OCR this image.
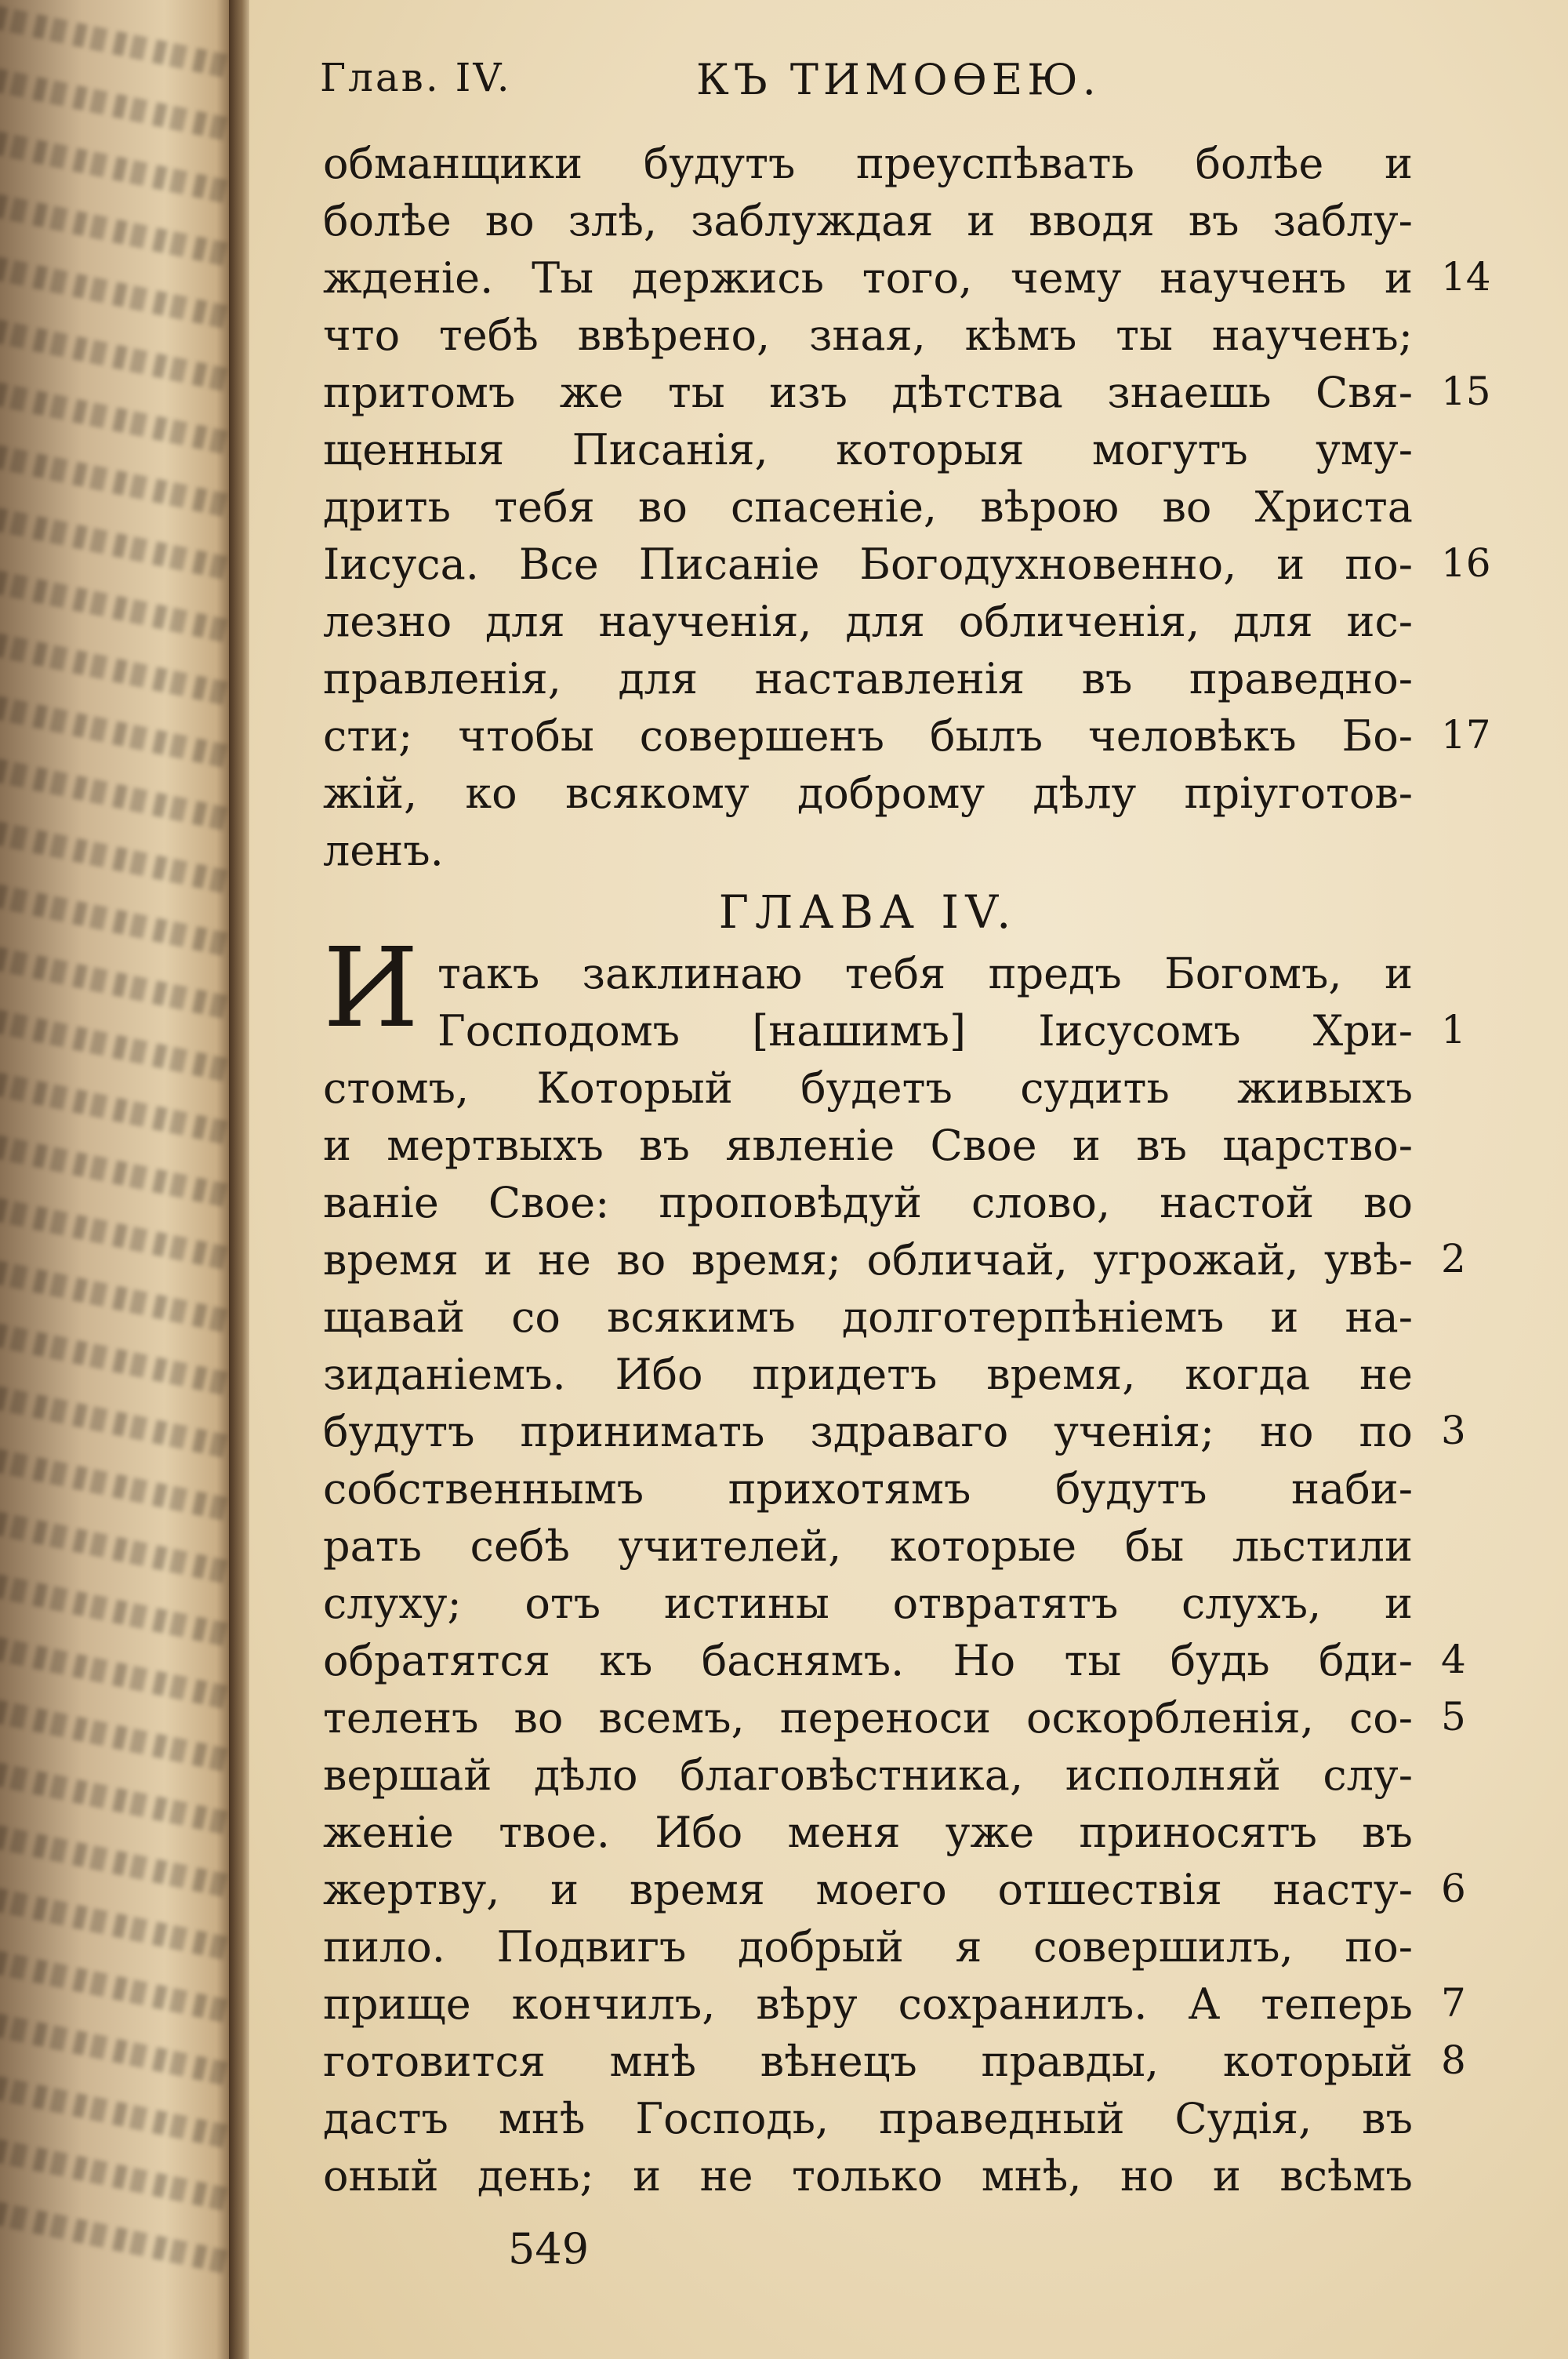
Глав. IV.	КЪ ТИМОѲЕЮ.
обманщики будутъ преуспѣвать болѣе и
болѣе во злѣ, заблуждая и вводя въ заблу-
жденіе. Ты держись того, чему наученъ и
что тебѣ ввѣрено, зная, кѣмъ ты наученъ;
притомъ же ты изъ дѣтства знаешь Свя-
щенныя Писанія, которыя могутъ уму-
дрить тебя во спасеніе, вѣрою во Христа
Іисуса. Все Писаніе Богодухновенно, и по-
лезно для наученія, для обличенія, для ис-
правленія, для наставленія въ праведно-
сти; чтобы совершенъ былъ человѣкъ Бо-
жій, ко всякому доброму дѣлу пріуготов-
ленъ.
ГЛАВА IV.
такъ заклинаю тебя предъ Богомъ, и
Господомъ [нашимъ] Іисусомъ Хри-
стомъ, Который будетъ судить живыхъ
и мертвыхъ въ явленіе Свое и въ царство-
ваніе Свое: проповѣдуй слово, настой во
время и не во время; обличай, угрожай, увѣ-
щавай со всякимъ долготерпѣніемъ и на-
зиданіемъ. Ибо придетъ время, когда не
будутъ принимать здраваго ученія; но по
собственнымъ прихотямъ будутъ наби-
рать себѣ учителей, которые бы льстили
слуху; отъ истины отвратятъ слухъ, и
обратятся къ баснямъ. Но ты будь бди-
теленъ во всемъ, переноси оскорбленія, со-
вершай дѣло благовѣстника, исполняй слу-
женіе твое. Ибо меня уже приносятъ въ
жертву, и время моего отшествія насту-
пило. Подвигъ добрый я совершилъ, по-
прище кончилъ, вѣру сохранилъ. А теперь
готовится мнѣ вѣнецъ правды, который
дастъ мнѣ Господь, праведный Судія, въ
оный день; и не только мнѣ, но и всѣмъ
И
549
14
15
16
17
1
2
3
4
5
6
7
8
